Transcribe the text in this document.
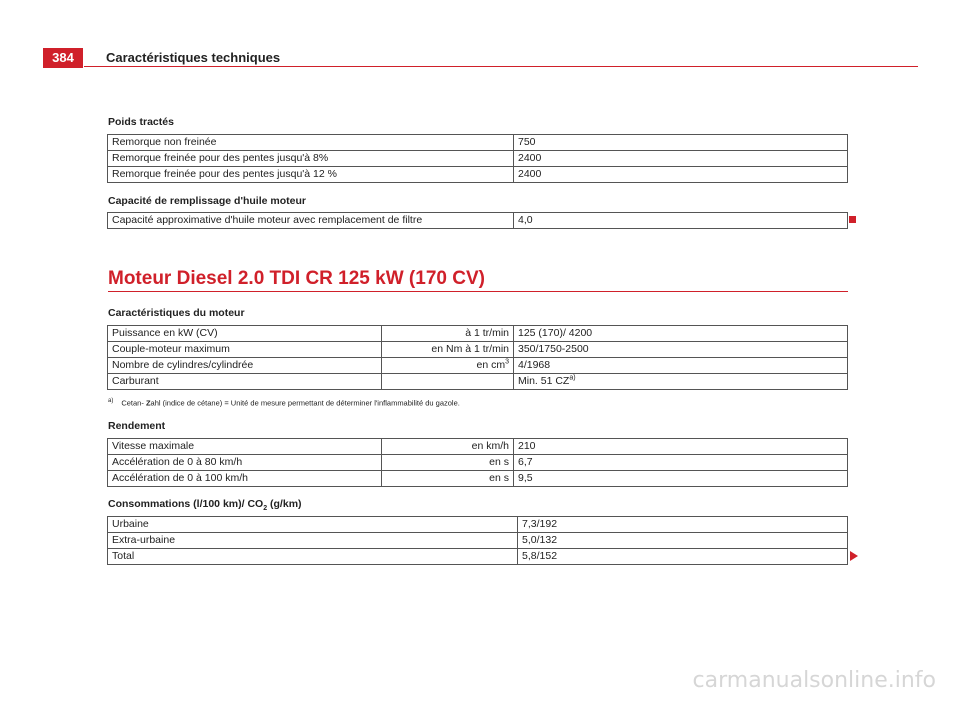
384	Caractéristiques techniques
Poids tractés
Remorque non freinée	750
Remorque freinée pour des pentes jusqu'à 8%	2400
Remorque freinée pour des pentes jusqu'à 12 %	2400
Capacité de remplissage d'huile moteur
Capacité approximative d'huile moteur avec remplacement de filtre	4,0
Moteur Diesel 2.0 TDI CR 125 kW (170 CV)
Caractéristiques du moteur
Puissance en kW (CV)	à 1 tr/min	125 (170)/ 4200
Couple-moteur maximum	en Nm à 1 tr/min	350/1750-2500
Nombre de cylindres/cylindrée	en $cm^3$	4/1968
Carburant		Min. 51 CZ$^{a)}$
$^{a)}$ Cetan- Zahl (indice de cétane) = Unité de mesure permettant de déterminer l'inflammabilité du gazole.
Rendement
Vitesse maximale	en km/h	210
Accélération de 0 à 80 km/h	en s	6,7
Accélération de 0 à 100 km/h	en s	9,5
Consommations (l/100 km)/ $CO_2$ (g/km)
Urbaine	7,3/192
Extra-urbaine	5,0/132
Total	5,8/152
carmanualsonline.info
